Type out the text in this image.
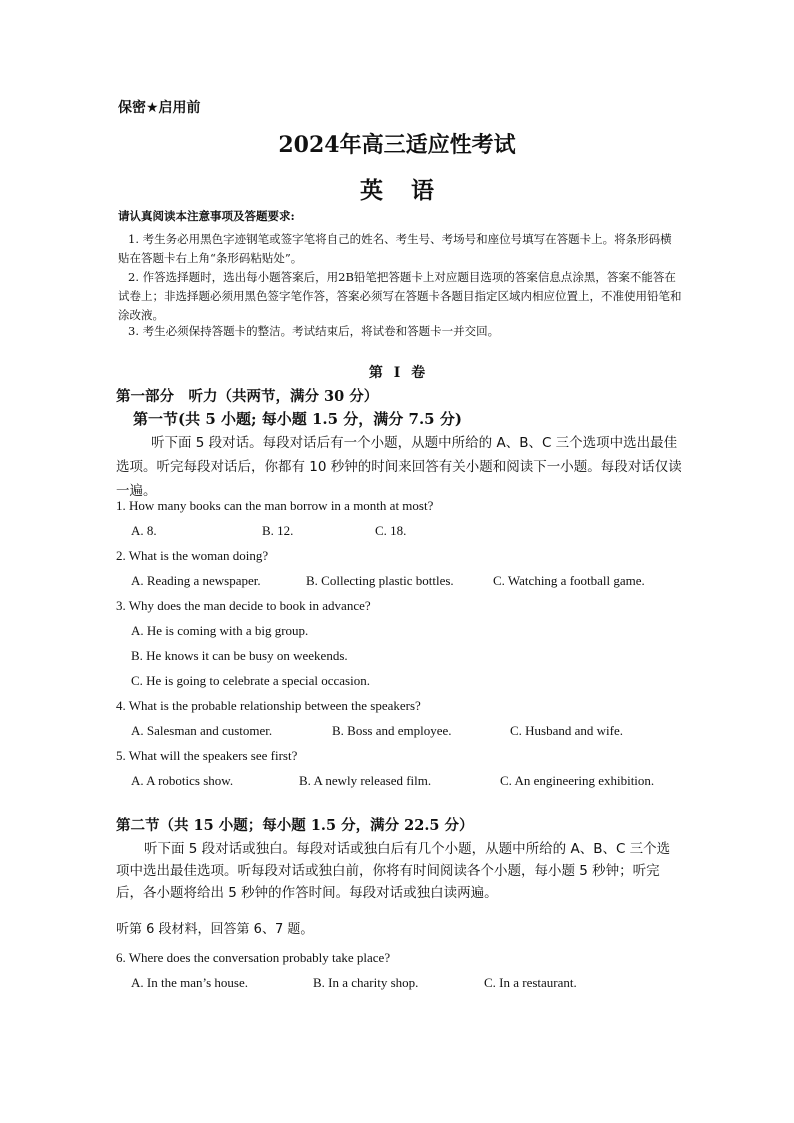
保密★启用前
2024年高三适应性考试
英语
请认真阅读本注意事项及答题要求:
1. 考生务必用黑色字迹钢笔或签字笔将自己的姓名、考生号、考场号和座位号填写在答题卡上。将条形码横贴在答题卡右上角“条形码粘贴处”。
2. 作答选择题时，选出每小题答案后，用2B铅笔把答题卡上对应题目选项的答案信息点涂黑，答案不能答在试卷上；非选择题必须用黑色签字笔作答，答案必须写在答题卡各题目指定区域内相应位置上，不准使用铅笔和涂改液。
3. 考生必须保持答题卡的整洁。考试结束后，将试卷和答题卡一并交回。
第 Ⅰ 卷
第一部分　听力（共两节，满分 30 分）
第一节(共 5 小题; 每小题 1.5 分，满分 7.5 分)
听下面 5 段对话。每段对话后有一个小题，从题中所给的 A、B、C 三个选项中选出最佳选项。听完每段对话后，你都有 10 秒钟的时间来回答有关小题和阅读下一小题。每段对话仅读一遍。
1. How many books can the man borrow in a month at most?
A. 8.	B. 12.	C. 18.
2. What is the woman doing?
A. Reading a newspaper.	B. Collecting plastic bottles.	C. Watching a football game.
3. Why does the man decide to book in advance?
A. He is coming with a big group.
B. He knows it can be busy on weekends.
C. He is going to celebrate a special occasion.
4. What is the probable relationship between the speakers?
A. Salesman and customer.	B. Boss and employee.	C. Husband and wife.
5. What will the speakers see first?
A. A robotics show.	B. A newly released film.	C. An engineering exhibition.
第二节（共 15 小题；每小题 1.5 分，满分 22.5 分）
听下面 5 段对话或独白。每段对话或独白后有几个小题，从题中所给的 A、B、C 三个选项中选出最佳选项。听每段对话或独白前，你将有时间阅读各个小题，每小题 5 秒钟；听完后，各小题将给出 5 秒钟的作答时间。每段对话或独白读两遍。
听第 6 段材料，回答第 6、7 题。
6. Where does the conversation probably take place?
A. In the man’s house.	B. In a charity shop.	C. In a restaurant.
